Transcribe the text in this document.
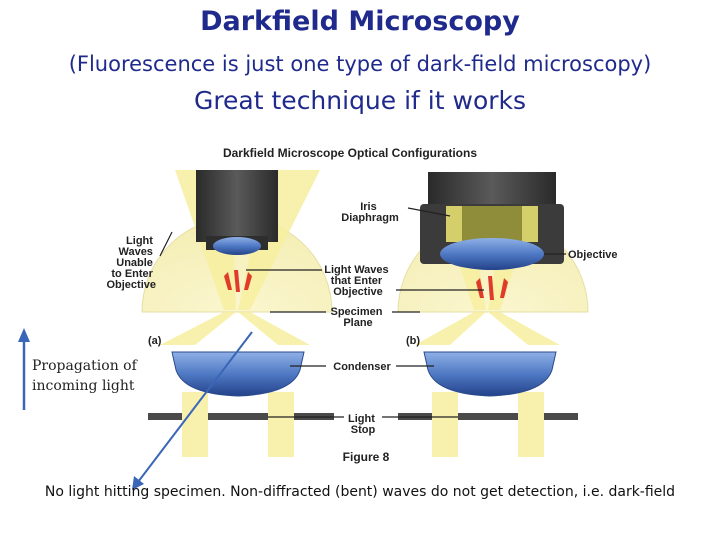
Darkfield Microscopy
(Fluorescence is just one type of dark-field microscopy)
Great technique if it works
Darkfield Microscope Optical Configurations
(a)	(b)
Light Waves Unable to Enter Objective
Iris Diaphragm
Objective
Light Waves that Enter Objective
Specimen Plane
Condenser
Light Stop
Figure 8
Propagation of incoming light
No light hitting specimen. Non-diffracted (bent) waves do not get detection, i.e. dark-field
